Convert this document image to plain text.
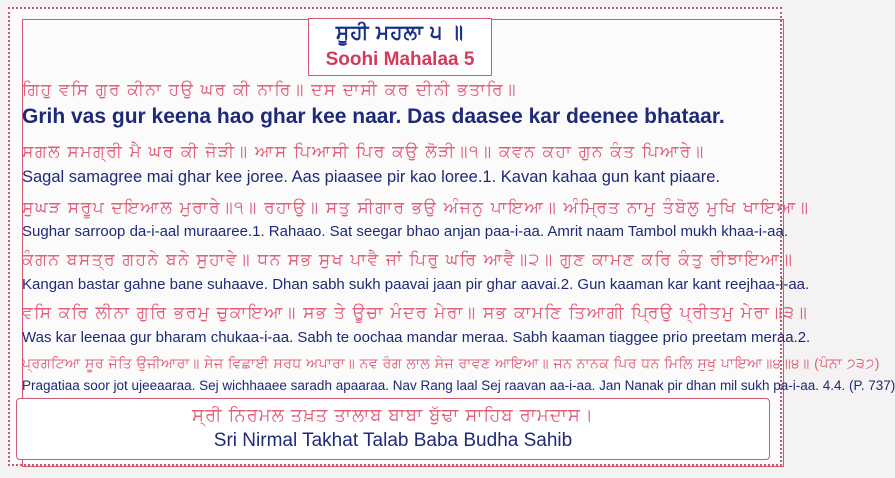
ਸੂਹੀ ਮਹਲਾ ੫ ॥
Soohi Mahalaa 5
ਗਿਹੁ ਵਸਿ ਗੁਰ ਕੀਨਾ ਹਉ ਘਰ ਕੀ ਨਾਰਿ॥ ਦਸ ਦਾਸੀ ਕਰ ਦੀਨੀ ਭਤਾਰਿ॥
Grih vas gur keena hao ghar kee naar. Das daasee kar deenee bhataar.
ਸਗਲ ਸਮਗ੍ਰੀ ਮੈ ਘਰ ਕੀ ਜੋੜੀ॥ ਆਸ ਪਿਆਸੀ ਪਿਰ ਕਉ ਲੋੜੀ॥੧॥ ਕਵਨ ਕਹਾ ਗੁਨ ਕੰਤ ਪਿਆਰੇ॥
Sagal samagree mai ghar kee joree. Aas piaasee pir kao loree.1. Kavan kahaa gun kant piaare.
ਸੁਘੜ ਸਰੂਪ ਦਇਆਲ ਮੁਰਾਰੇ॥੧॥ ਰਹਾਉ॥ ਸਤੁ ਸੀਗਾਰ ਭਉ ਅੰਜਨੁ ਪਾਇਆ॥ ਅੰਮ੍ਰਿਤ ਨਾਮੁ ਤੰਬੋਲੁ ਮੁਖਿ ਖਾਇਆ॥
Sughar sarroop da-i-aal muraaree.1. Rahaao. Sat seegar bhao anjan paa-i-aa. Amrit naam Tambol mukh khaa-i-aa.
ਕੰਗਨ ਬਸਤ੍ਰ ਗਹਨੇ ਬਨੇ ਸੁਹਾਵੇ॥ ਧਨ ਸਭ ਸੁਖ ਪਾਵੈ ਜਾਂ ਪਿਰੁ ਘਰਿ ਆਵੈ॥੨॥ ਗੁਣ ਕਾਮਣ ਕਰਿ ਕੰਤੁ ਰੀਝਾਇਆ॥
Kangan bastar gahne bane suhaave. Dhan sabh sukh paavai jaan pir ghar aavai.2. Gun kaaman kar kant reejhaa-i-aa.
ਵਸਿ ਕਰਿ ਲੀਨਾ ਗੁਰਿ ਭਰਮੁ ਚੁਕਾਇਆ॥ ਸਭ ਤੇ ਊਚਾ ਮੰਦਰ ਮੇਰਾ॥ ਸਭ ਕਾਮਣਿ ਤਿਆਗੀ ਪ੍ਰਿਉ ਪ੍ਰੀਤਮੁ ਮੇਰਾ॥੩॥
Was kar leenaa gur bharam chukaa-i-aa. Sabh te oochaa mandar meraa. Sabh kaaman tiaggee prio preetam meraa.2.
ਪ੍ਰਗਟਿਆ ਸੂਰ ਜੋਤਿ ਉਜੀਆਰਾ॥ ਸੇਜ ਵਿਛਾਈ ਸਰਧ ਅਪਾਰਾ॥ ਨਵ ਰੰਗ ਲਾਲ ਸੇਜ ਰਾਵਣ ਆਇਆ॥ ਜਨ ਨਾਨਕ ਪਿਰ ਧਨ ਮਿਲਿ ਸੁਖੁ ਪਾਇਆ॥੪॥੪॥ (ਪੰਨਾ ੭੩੭)
Pragatiaa soor jot ujeeaaraa. Sej wichhaaee saradh apaaraa. Nav Rang laal Sej raavan aa-i-aa. Jan Nanak pir dhan mil sukh pa-i-aa. 4.4. (P. 737)
ਸ੍ਰੀ ਨਿਰਮਲ ਤਖ਼ਤ ਤਾਲਾਬ ਬਾਬਾ ਬੁੱਢਾ ਸਾਹਿਬ ਰਾਮਦਾਸ।
Sri Nirmal Takhat Talab Baba Budha Sahib
